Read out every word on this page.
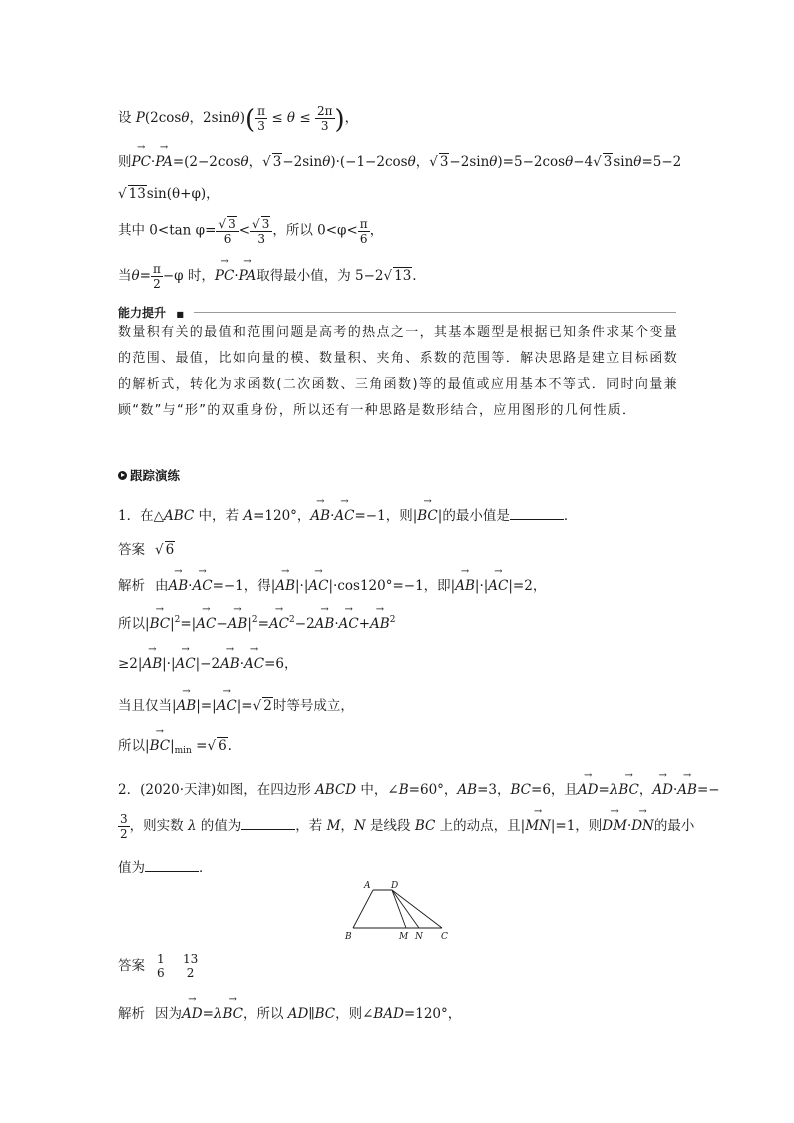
设 P(2cosθ，$2\sin\theta)( \frac{\pi}{3} \le \theta \le \frac{2\pi}{3}$ )，
则→ PC·→ PA=(2−2cosθ，√ 3−2sinθ)·(−1−2cosθ，√ 3−2sinθ)=5−2cosθ−4√ 3sinθ=5−2
√ 13sin(θ+φ)，
其中 0<tan $\varphi= \frac{√ 3}{6} < \frac{√ 3}{3}$ ，所以 $0<\varphi< \frac{\pi}{6}$ ，
当$\theta= \frac{\pi}{2} -\varphi$ 时，→ PC·→ PA取得最小值，为 5−2√ 13.
能力提升 ■
数量积有关的最值和范围问题是高考的热点之一，其基本题型是根据已知条件求某个变量的范围、最值，比如向量的模、数量积、夹角、系数的范围等．解决思路是建立目标函数的解析式，转化为求函数(二次函数、三角函数)等的最值或应用基本不等式．同时向量兼顾“数”与“形”的双重身份，所以还有一种思路是数形结合，应用图形的几何性质．
跟踪演练
1．在△ABC 中，若 A=120°，→ AB·→ AC=−1，则|→ BC|的最小值是	．
答案 √ 6
解析 由→ AB·→ AC=−1，得|→ AB|·|→ AC|·cos120°=−1，即|→ AB|·|→ AC|=2，
所以|→ $BC|^2=|\to AC-\to AB|^2=\to AC^2-2\to AB\cdot\to AC+\to AB^2$
≥2|→ AB|·|→ AC|−2→ AB·→ AC=6，
当且仅当|→ AB|=|→ AC|=√ 2时等号成立，
所以|→ $BC|_{min}$ =√ 6.
2．(2020·天津)如图，在四边形 ABCD 中，∠B=60°，AB=3，BC=6，且→ AD=λ→ BC，→ AD·→ AB=−
$\frac{3}{2}$ ，则实数 λ 的值为	，若 M，N 是线段 BC 上的动点，且|→ MN|=1，则→ DM·→ DN的最小
值为	．
A D
B	M N C
答案 1
6

13
2
解析 因为→ AD=λ→ BC，所以 AD∥BC，则∠BAD=120°，
